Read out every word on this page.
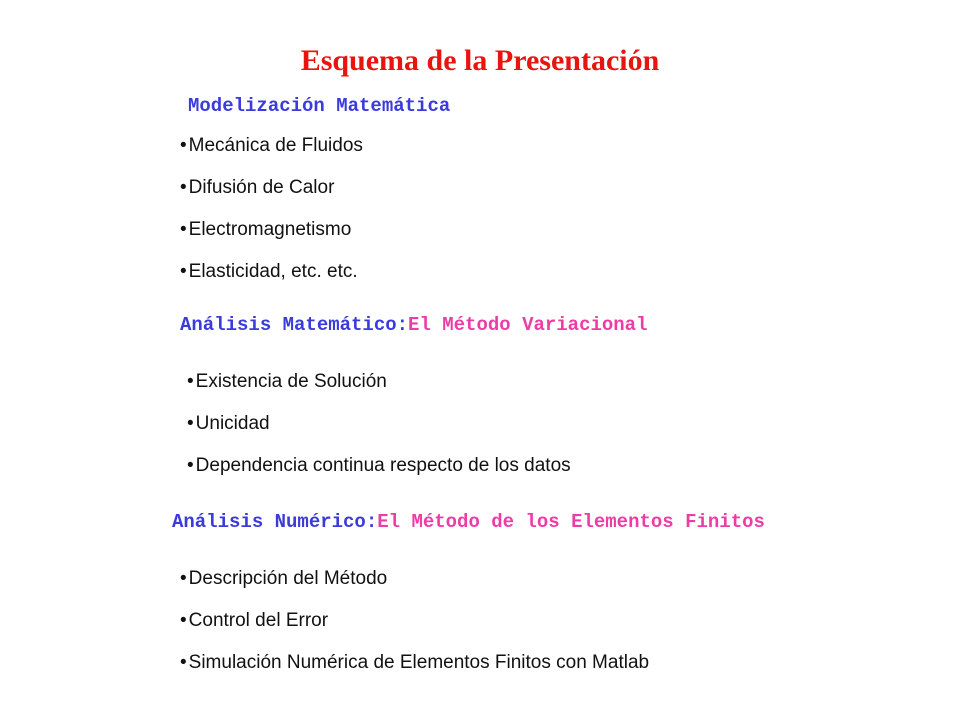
Esquema de la Presentación
Modelización Matemática
• Mecánica de Fluidos
• Difusión de Calor
• Electromagnetismo
• Elasticidad, etc. etc.
Análisis Matemático:El Método Variacional
• Existencia de Solución
• Unicidad
• Dependencia continua respecto de los datos
Análisis Numérico:El Método de los Elementos Finitos
• Descripción del Método
• Control del Error
• Simulación Numérica de Elementos Finitos con Matlab
